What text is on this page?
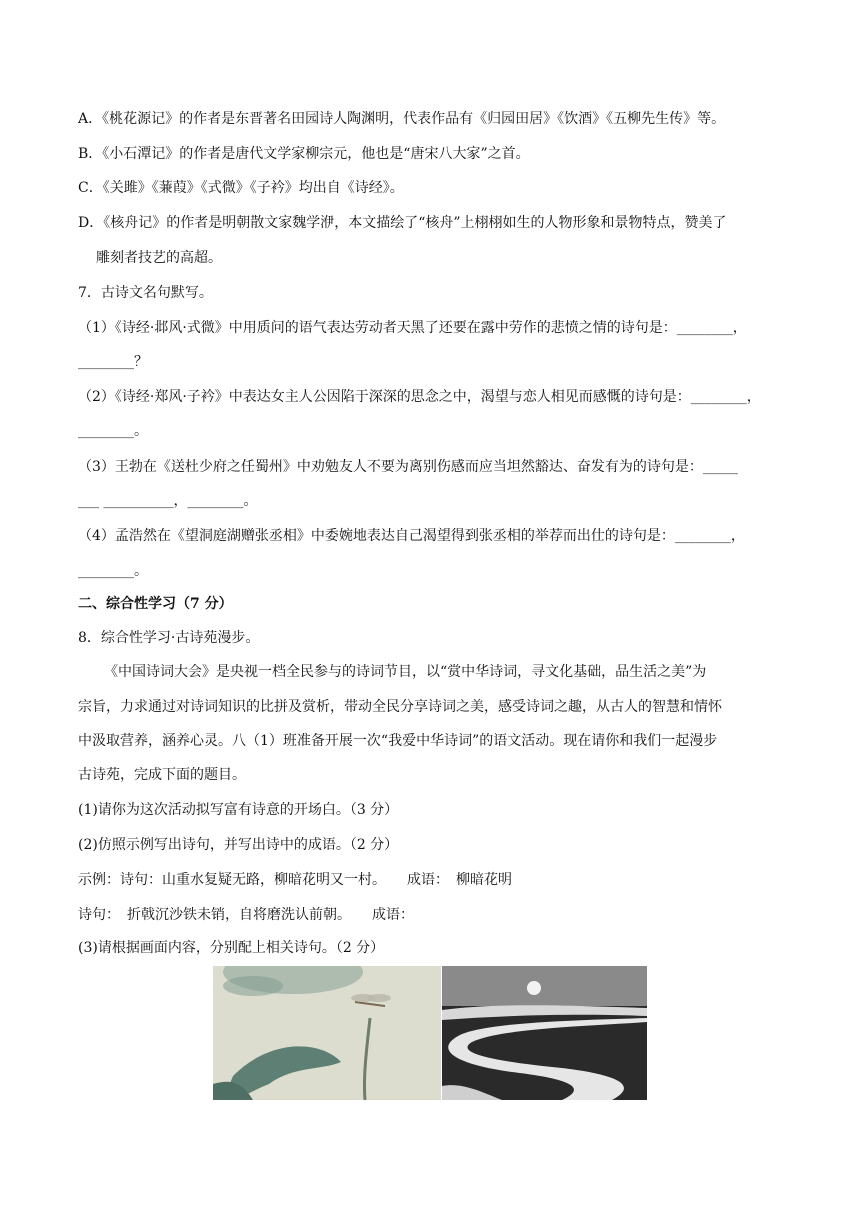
A．《桃花源记》的作者是东晋著名田园诗人陶渊明，代表作品有《归园田居》《饮酒》《五柳先生传》等。
B．《小石潭记》的作者是唐代文学家柳宗元，他也是“唐宋八大家”之首。
C．《关雎》《蒹葭》《式微》《子衿》均出自《诗经》。
D．《核舟记》的作者是明朝散文家魏学洢，本文描绘了“核舟”上栩栩如生的人物形象和景物特点，赞美了
雕刻者技艺的高超。
7．古诗文名句默写。
（1）《诗经·邶风·式微》中用质问的语气表达劳动者天黑了还要在露中劳作的悲愤之情的诗句是：________，
________？
（2）《诗经·郑风·子衿》中表达女主人公因陷于深深的思念之中，渴望与恋人相见而感慨的诗句是：________，
________。
（3）王勃在《送杜少府之任蜀州》中劝勉友人不要为离别伤感而应当坦然豁达、奋发有为的诗句是：_____
___ __________，________。
（4）孟浩然在《望洞庭湖赠张丞相》中委婉地表达自己渴望得到张丞相的举荐而出仕的诗句是：________，
________。
二、综合性学习（7 分）
8．综合性学习·古诗苑漫步。
《中国诗词大会》是央视一档全民参与的诗词节目，以“赏中华诗词，寻文化基础，品生活之美”为
宗旨，力求通过对诗词知识的比拼及赏析，带动全民分享诗词之美，感受诗词之趣，从古人的智慧和情怀
中汲取营养，涵养心灵。八（1）班准备开展一次“我爱中华诗词”的语文活动。现在请你和我们一起漫步
古诗苑，完成下面的题目。
(1)请你为这次活动拟写富有诗意的开场白。（3 分）
(2)仿照示例写出诗句，并写出诗中的成语。（2 分）
示例：诗句：山重水复疑无路，柳暗花明又一村。　　成语：　柳暗花明
诗句：　折戟沉沙铁未销，自将磨洗认前朝。　　成语：
(3)请根据画面内容，分别配上相关诗句。（2 分）
